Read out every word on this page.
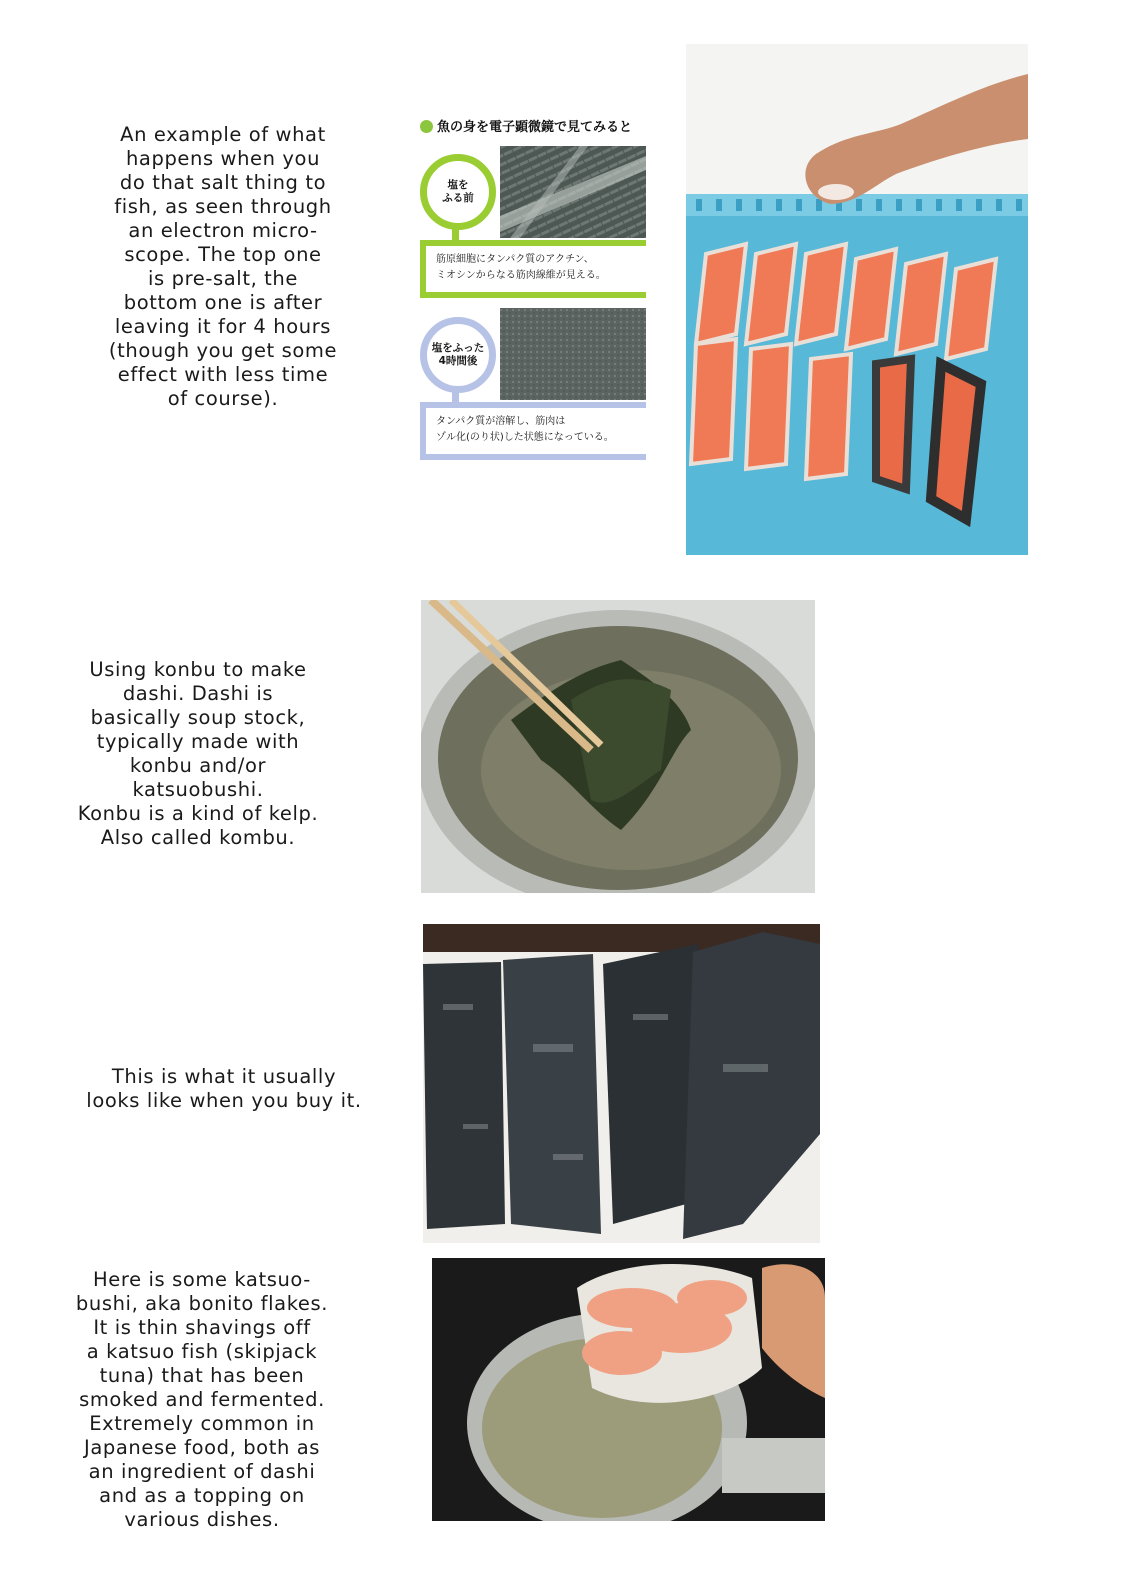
An example of what
happens when you
do that salt thing to
fish, as seen through
an electron micro-
scope. The top one
is pre-salt, the
bottom one is after
leaving it for 4 hours
(though you get some
effect with less time
of course).
魚の身を電子顕微鏡で見てみると
塩を
ふる前
筋原細胞にタンパク質のアクチン、
ミオシンからなる筋肉線維が見える。
塩をふった
4時間後
タンパク質が溶解し、筋肉は
ゾル化(のり状)した状態になっている。
Using konbu to make
dashi. Dashi is
basically soup stock,
typically made with
konbu and/or
katsuobushi.
Konbu is a kind of kelp.
Also called kombu.
This is what it usually
looks like when you buy it.
Here is some katsuo-
bushi, aka bonito flakes.
It is thin shavings off
a katsuo fish (skipjack
tuna) that has been
smoked and fermented.
Extremely common in
Japanese food, both as
an ingredient of dashi
and as a topping on
various dishes.
